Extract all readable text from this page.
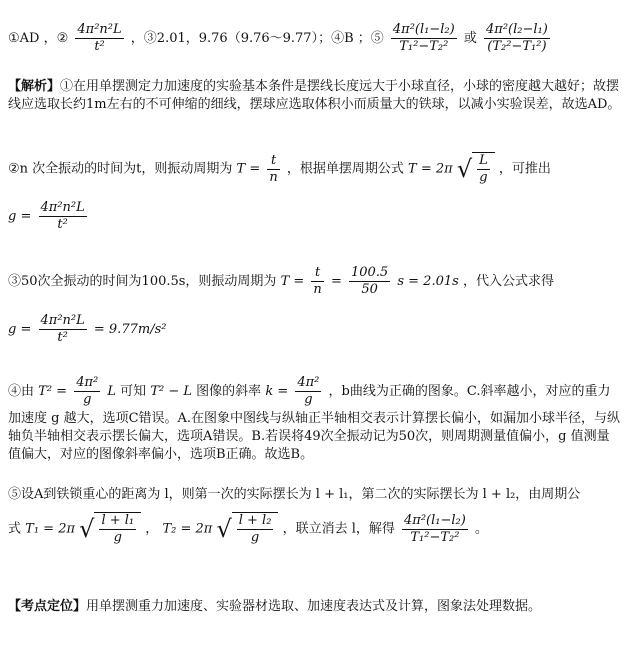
①AD ，② $\frac{\text{4π²n²L}}{\text{t²}}$ ，③2.01，9.76（9.76～9.77）；④B ；⑤ $\frac{\text{4π²(l₁−l₂)}}{\text{T₁²−T₂²}}$ 或 $\frac{\text{4π²(l₂−l₁)}}{\text{(T₂²−T₁²)}}$
【解析】①在用单摆测定力加速度的实验基本条件是摆线长度远大于小球直径，小球的密度越大越好；故摆线应选取长约1m左右的不可伸缩的细线，摆球应选取体积小而质量大的铁球，以减小实验误差，故选AD。
②n 次全振动的时间为t，则振动周期为 $T = \frac{t}{n}$ ，根据单摆周期公式 T = 2π √ $\frac{L}{g}$ ，可推出
$g = \frac{\text{4π²n²L}}{\text{t²}}$
③50次全振动的时间为100.5s，则振动周期为 $T = \frac{t}{n} = \frac{100.5}{50}$ s = 2.01s ，代入公式求得
$g = \frac{\text{4π²n²L}}{\text{t²}} = 9.77m/s^2$
④由 $T^2 = \frac{\text{4π²}}{g}$ L 可知 T² − L 图像的斜率 $k = \frac{\text{4π²}}{g}$ ，b曲线为正确的图象。C.斜率越小，对应的重力
加速度 g 越大，选项C错误。A.在图象中图线与纵轴正半轴相交表示计算摆长偏小，如漏加小球半径，与纵轴负半轴相交表示摆长偏大，选项A错误。B.若误将49次全振动记为50次，则周期测量值偏小，g 值测量值偏大，对应的图像斜率偏小，选项B正确。故选B。
⑤设A到铁锁重心的距离为 l，则第一次的实际摆长为 l + l₁，第二次的实际摆长为 l + l₂，由周期公
式 T₁ = 2π √ $\frac{\text{l + l₁}}{g}$ ， T₂ = 2π √ $\frac{\text{l + l₂}}{g}$ ，联立消去 l，解得 $\frac{\text{4π²(l₁−l₂)}}{\text{T₁²−T₂²}}$ 。
【考点定位】用单摆测重力加速度、实验器材选取、加速度表达式及计算，图象法处理数据。
